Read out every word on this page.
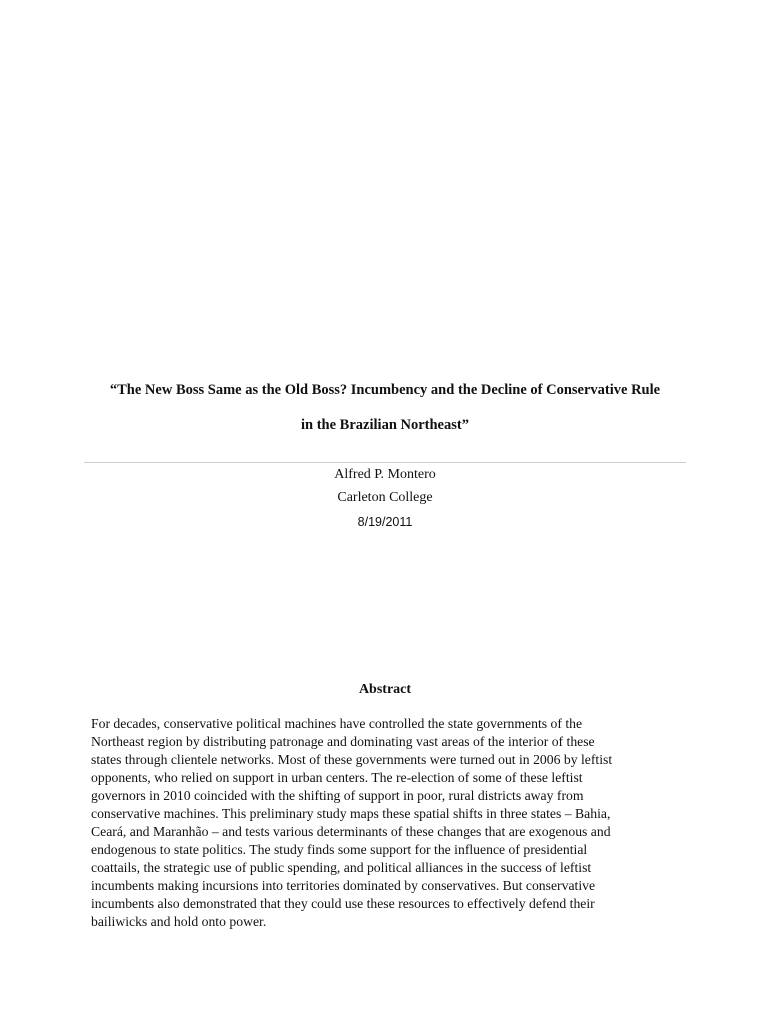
“The New Boss Same as the Old Boss? Incumbency and the Decline of Conservative Rule
in the Brazilian Northeast”
Alfred P. Montero
Carleton College
8/19/2011
Abstract

For decades, conservative political machines have controlled the state governments of the
Northeast region by distributing patronage and dominating vast areas of the interior of these
states through clientele networks. Most of these governments were turned out in 2006 by leftist
opponents, who relied on support in urban centers. The re-election of some of these leftist
governors in 2010 coincided with the shifting of support in poor, rural districts away from
conservative machines. This preliminary study maps these spatial shifts in three states – Bahia,
Ceará, and Maranhão – and tests various determinants of these changes that are exogenous and
endogenous to state politics. The study finds some support for the influence of presidential
coattails, the strategic use of public spending, and political alliances in the success of leftist
incumbents making incursions into territories dominated by conservatives. But conservative
incumbents also demonstrated that they could use these resources to effectively defend their
bailiwicks and hold onto power.
